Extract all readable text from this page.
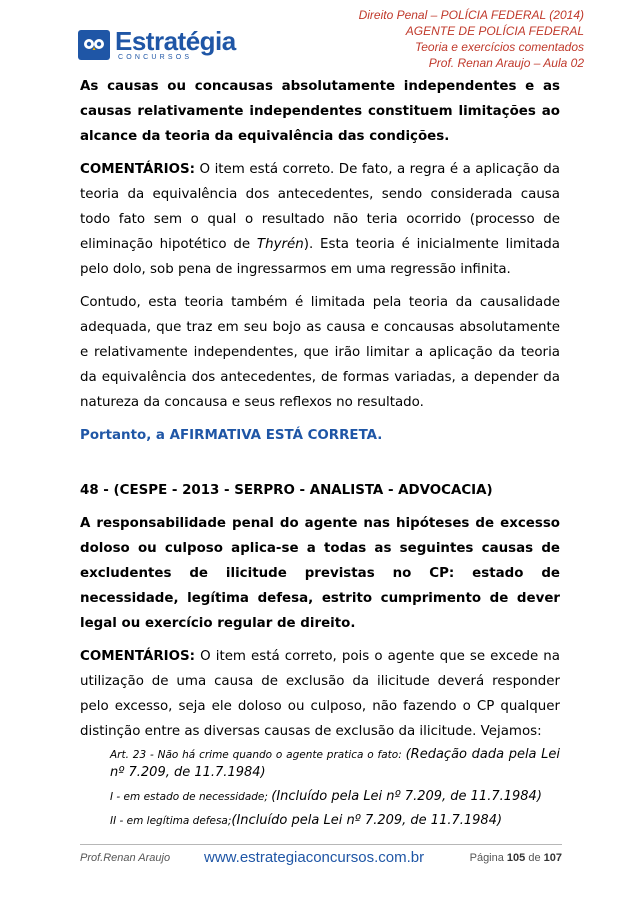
Estratégia
CONCURSOS
Direito Penal – POLÍCIA FEDERAL (2014)
AGENTE DE POLÍCIA FEDERAL
Teoria e exercícios comentados
Prof. Renan Araujo – Aula 02

As causas ou concausas absolutamente independentes e as causas relativamente independentes constituem limitações ao alcance da teoria da equivalência das condições.

COMENTÁRIOS: O item está correto. De fato, a regra é a aplicação da teoria da equivalência dos antecedentes, sendo considerada causa todo fato sem o qual o resultado não teria ocorrido (processo de eliminação hipotético de Thyrén). Esta teoria é inicialmente limitada pelo dolo, sob pena de ingressarmos em uma regressão infinita.

Contudo, esta teoria também é limitada pela teoria da causalidade adequada, que traz em seu bojo as causa e concausas absolutamente e relativamente independentes, que irão limitar a aplicação da teoria da equivalência dos antecedentes, de formas variadas, a depender da natureza da concausa e seus reflexos no resultado.

Portanto, a AFIRMATIVA ESTÁ CORRETA.

48 - (CESPE - 2013 - SERPRO - ANALISTA - ADVOCACIA)

A responsabilidade penal do agente nas hipóteses de excesso doloso ou culposo aplica-se a todas as seguintes causas de excludentes de ilicitude previstas no CP: estado de necessidade, legítima defesa, estrito cumprimento de dever legal ou exercício regular de direito.

COMENTÁRIOS: O item está correto, pois o agente que se excede na utilização de uma causa de exclusão da ilicitude deverá responder pelo excesso, seja ele doloso ou culposo, não fazendo o CP qualquer distinção entre as diversas causas de exclusão da ilicitude. Vejamos:

Art. 23 - Não há crime quando o agente pratica o fato: (Redação dada pela Lei nº 7.209, de 11.7.1984)
I - em estado de necessidade; (Incluído pela Lei nº 7.209, de 11.7.1984)
II - em legítima defesa;(Incluído pela Lei nº 7.209, de 11.7.1984)
Prof.Renan Araujo www.estrategiaconcursos.com.br	Página 105 de 107
